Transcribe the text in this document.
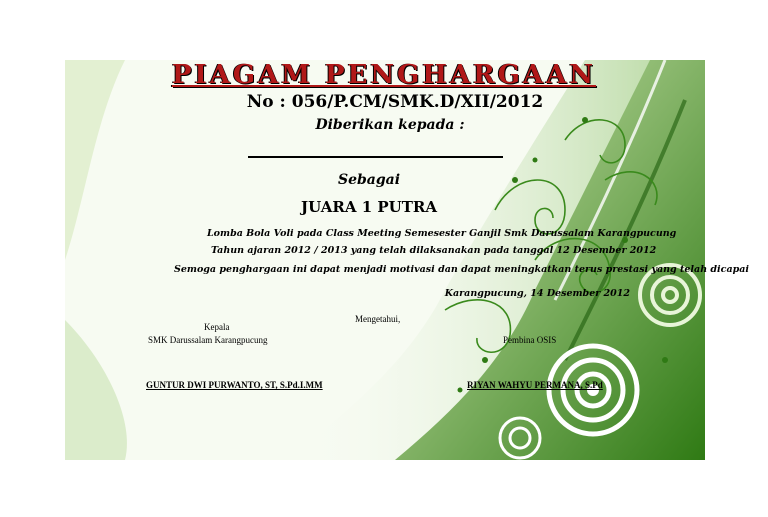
PIAGAM PENGHARGAAN
No : 056/P.CM/SMK.D/XII/2012
Diberikan kepada :
Sebagai
JUARA 1 PUTRA
Lomba Bola Voli pada Class Meeting Semesester Ganjil Smk Darussalam Karangpucung
Tahun ajaran 2012 / 2013 yang telah dilaksanakan pada tanggal 12 Desember 2012
Semoga penghargaan ini dapat menjadi motivasi dan dapat meningkatkan terus prestasi yang telah dicapai
Karangpucung, 14 Desember 2012
Mengetahui,
Kepala
SMK Darussalam Karangpucung	Pembina OSIS
GUNTUR DWI PURWANTO, ST, S.Pd.I.MM	RIYAN WAHYU PERMANA, S.Pd
